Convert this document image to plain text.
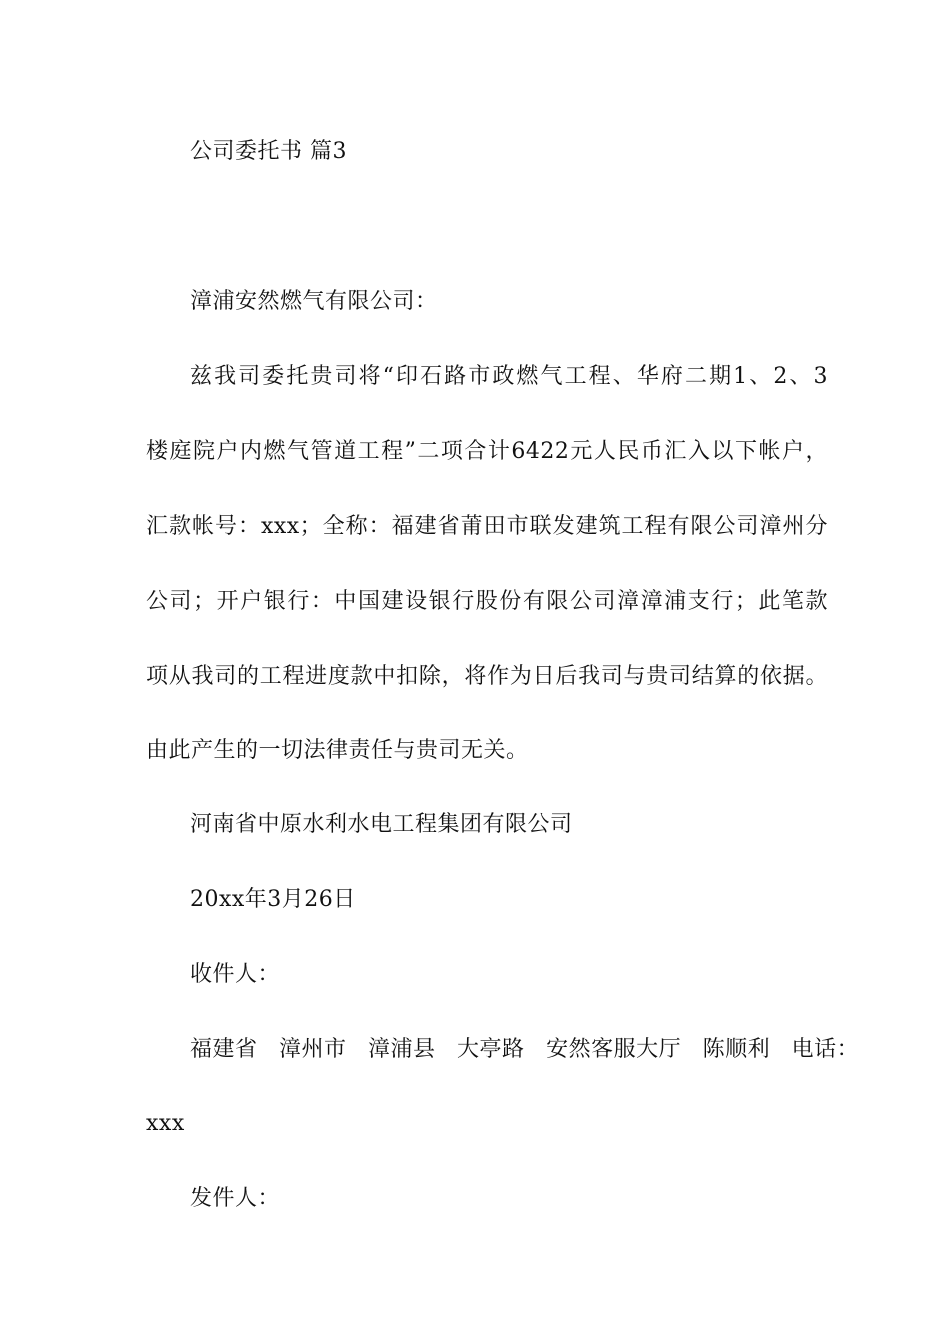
公司委托书 篇3
漳浦安然燃气有限公司：
兹我司委托贵司将“印石路市政燃气工程、华府二期1、2、3
楼庭院户内燃气管道工程”二项合计6422元人民币汇入以下帐户，
汇款帐号：xxx；全称：福建省莆田市联发建筑工程有限公司漳州分
公司；开户银行：中国建设银行股份有限公司漳漳浦支行；此笔款
项从我司的工程进度款中扣除，将作为日后我司与贵司结算的依据。
由此产生的一切法律责任与贵司无关。
河南省中原水利水电工程集团有限公司
20xx年3月26日
收件人：
福建省 漳州市 漳浦县 大亭路 安然客服大厅 陈顺利 电话：
xxx
发件人：
